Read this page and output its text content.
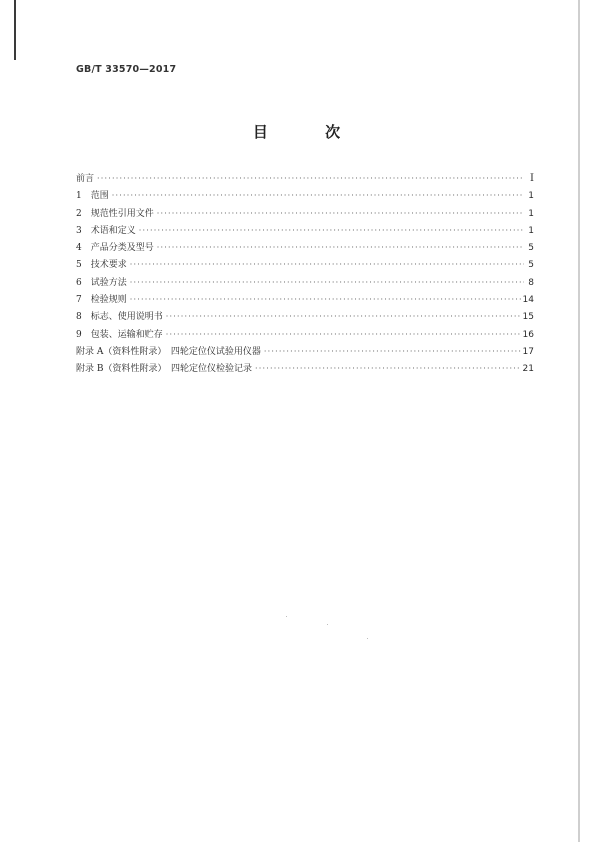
GB/T 33570—2017
目 次
前言 ·····	Ⅰ
1　范围 ·····	1
2　规范性引用文件 ·····	1
3　术语和定义 ·····	1
4　产品分类及型号 ·····	5
5　技术要求 ·····	5
6　试验方法 ·····	8
7　检验规则 ·····	14
8　标志、使用说明书 ·····	15
9　包装、运输和贮存 ·····	16
附录 A（资料性附录）　四轮定位仪试验用仪器 ·····	17
附录 B（资料性附录）　四轮定位仪检验记录 ·····	21
